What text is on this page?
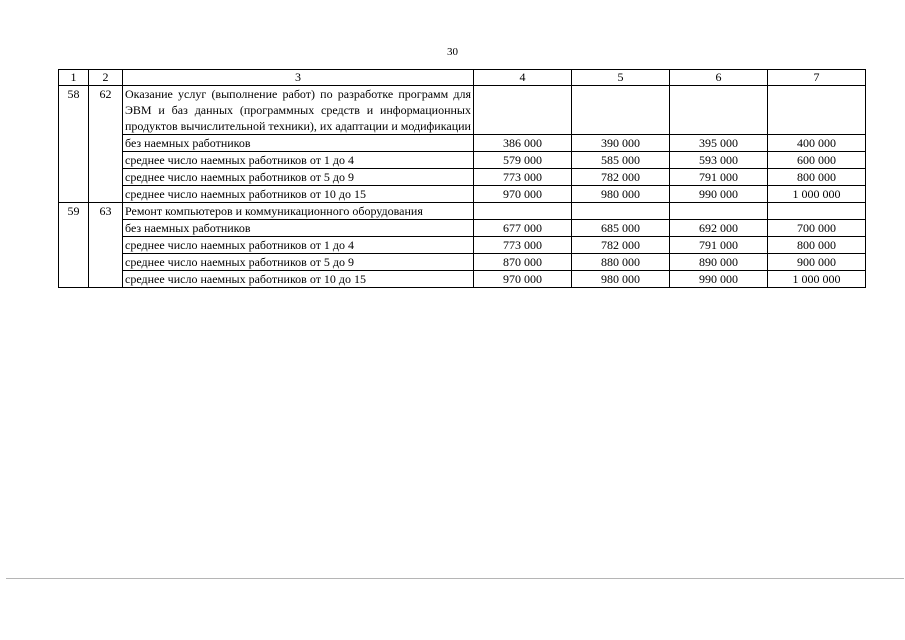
30
1	2	3	4	5	6	7
58	62	Оказание услуг (выполнение работ) по разработке программ для ЭВМ и баз данных (программных средств и информационных продуктов вычислительной техники), их адаптации и модификации				
		без наемных работников	386 000	390 000	395 000	400 000
		среднее число наемных работников от 1 до 4	579 000	585 000	593 000	600 000
		среднее число наемных работников от 5 до 9	773 000	782 000	791 000	800 000
		среднее число наемных работников от 10 до 15	970 000	980 000	990 000	1 000 000
59	63	Ремонт компьютеров и коммуникационного оборудования				
		без наемных работников	677 000	685 000	692 000	700 000
		среднее число наемных работников от 1 до 4	773 000	782 000	791 000	800 000
		среднее число наемных работников от 5 до 9	870 000	880 000	890 000	900 000
		среднее число наемных работников от 10 до 15	970 000	980 000	990 000	1 000 000
